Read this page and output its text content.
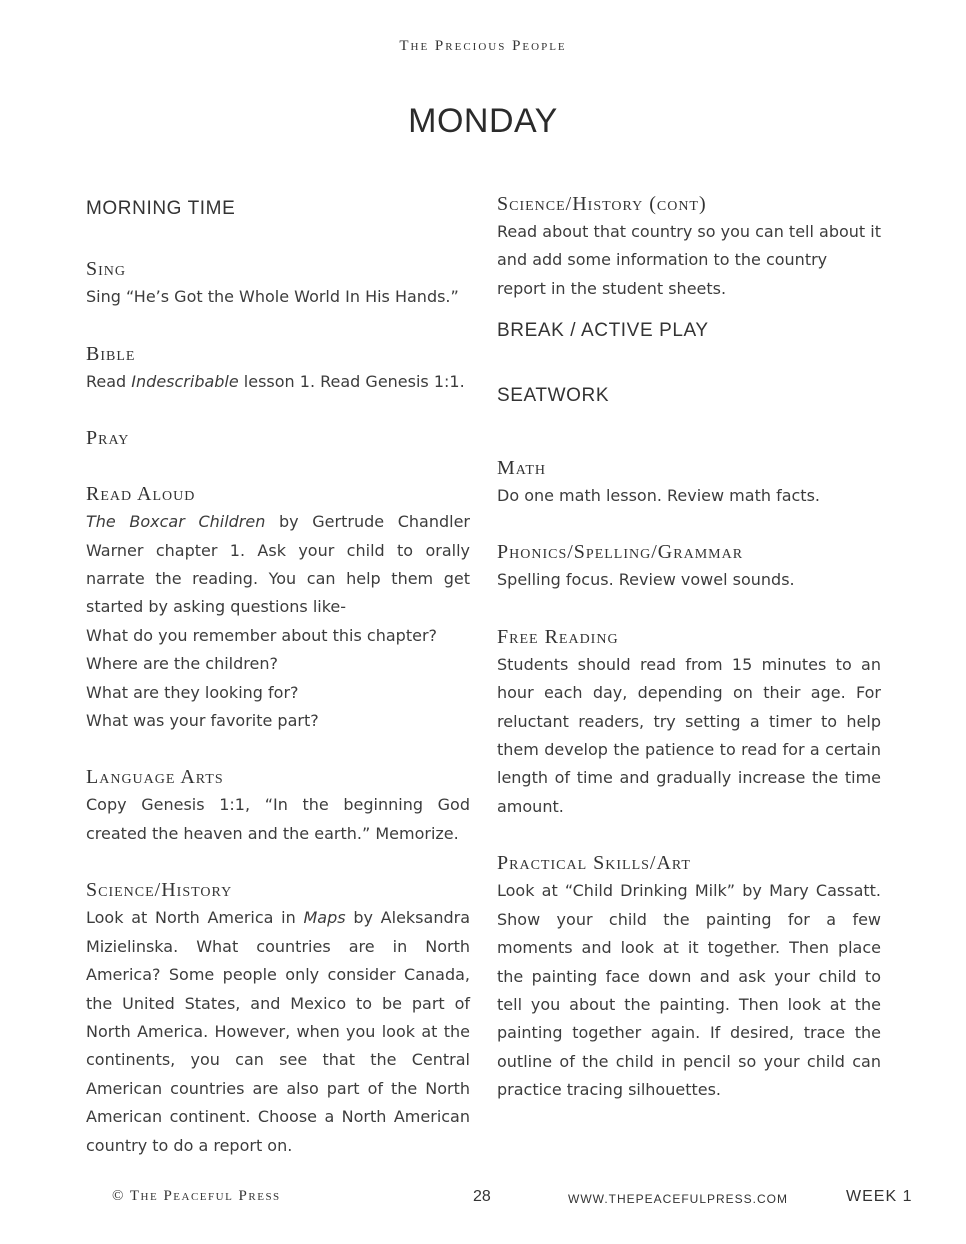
The Precious People
MONDAY

MORNING TIME

Sing

Sing “He’s Got the Whole World In His Hands.”

Bible

Read Indescribable lesson 1. Read Genesis 1:1.

Pray

Read Aloud

The Boxcar Children by Gertrude Chandler Warner chapter 1. Ask your child to orally narrate the reading. You can help them get started by asking questions like-

What do you remember about this chapter?

Where are the children?

What are they looking for?

What was your favorite part?

Language Arts

Copy Genesis 1:1, “In the beginning God created the heaven and the earth.” Memorize.

Science/History

Look at North America in Maps by Aleksandra Mizielinska. What countries are in North America? Some people only consider Canada, the United States, and Mexico to be part of North America. However, when you look at the continents, you can see that the Central American countries are also part of the North American continent. Choose a North American country to do a report on.

Science/History (cont)

Read about that country so you can tell about it and add some information to the country report in the student sheets.

BREAK / ACTIVE PLAY

SEATWORK

Math

Do one math lesson. Review math facts.

Phonics/Spelling/Grammar

Spelling focus. Review vowel sounds.

Free Reading

Students should read from 15 minutes to an hour each day, depending on their age. For reluctant readers, try setting a timer to help them develop the patience to read for a certain length of time and gradually increase the time amount.

Practical Skills/Art

Look at “Child Drinking Milk” by Mary Cassatt. Show your child the painting for a few moments and look at it together. Then place the painting face down and ask your child to tell you about the painting. Then look at the painting together again. If desired, trace the outline of the child in pencil so your child can practice tracing silhouettes.

© The Peaceful Press	28	WWW.THEPEACEFULPRESS.COM	WEEK 1
